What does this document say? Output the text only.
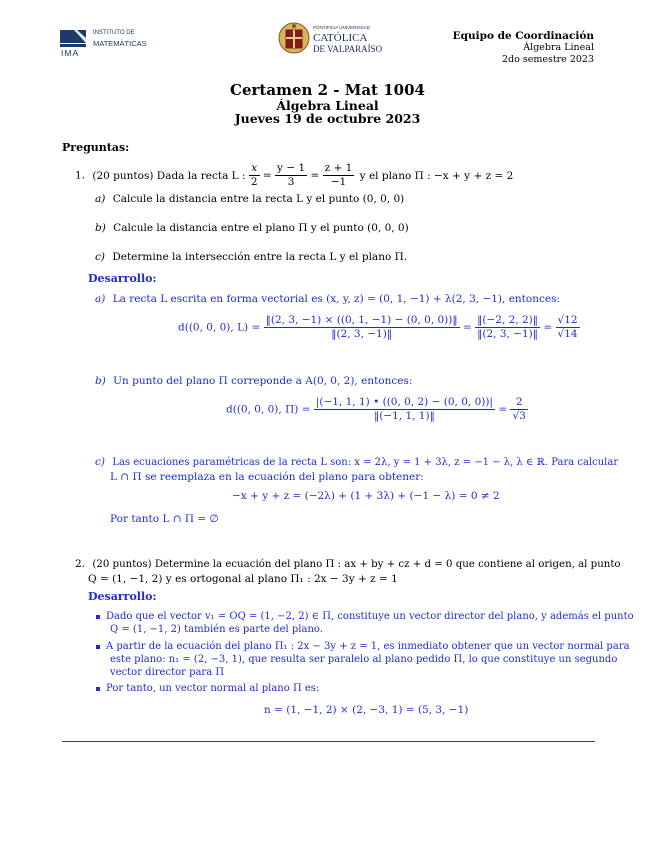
INSTITUTO DE
MATEMÁTICAS
IMA
PONTIFICIA UNIVERSIDAD
CATÓLICA
DE VALPARAÍSO
Equipo de Coordinación
Álgebra Lineal
2do semestre 2023
Certamen 2 - Mat 1004
Álgebra Lineal
Jueves 19 de octubre 2023
Preguntas:
1. (20 puntos) Dada la recta L : $\frac{x}{2} = \frac{y - 1}{3} = \frac{z + 1}{-1}$ y el plano Π : −x + y + z = 2
a) Calcule la distancia entre la recta L y el punto (0, 0, 0)
b) Calcule la distancia entre el plano Π y el punto (0, 0, 0)
c) Determine la intersección entre la recta L y el plano Π.
Desarrollo:
a) La recta L escrita en forma vectorial es (x, y, z) = (0, 1, −1) + λ(2, 3, −1), entonces:
d((0, 0, 0), $L) = \frac{‖(2, 3, -1) \times ((0, 1, -1) - (0, 0, 0))‖}{‖(2, 3, -1)‖} = \frac{‖(-2, 2, 2)‖}{‖(2, 3, -1)‖} = \frac{√12}{√14}$
b) Un punto del plano Π correponde a A(0, 0, 2), entonces:
d((0, 0, 0), $\Pi) = \frac{|(-1, 1, 1) • ((0, 0, 2) - (0, 0, 0))|}{‖(-1, 1, 1)‖} = \frac{2}{√3}$
c) Las ecuaciones paramétricas de la recta L son: x = 2λ, y = 1 + 3λ, z = −1 − λ, λ ∈ ℝ. Para calcular
L ∩ Π se reemplaza en la ecuación del plano para obtener:
−x + y + z = (−2λ) + (1 + 3λ) + (−1 − λ) = 0 ≠ 2
Por tanto L ∩ Π = ∅
2. (20 puntos) Determine la ecuación del plano Π : ax + by + cz + d = 0 que contiene al origen, al punto
Q = (1, −1, 2) y es ortogonal al plano Π₁ : 2x − 3y + z = 1
Desarrollo:
Dado que el vector v₁ = OQ = (1, −2, 2) ∈ Π, constituye un vector director del plano, y además el punto
Q = (1, −1, 2) también es parte del plano.
A partir de la ecuación del plano Π₁ : 2x − 3y + z = 1, es inmediato obtener que un vector normal para
este plano: n₁ = (2, −3, 1), que resulta ser paralelo al plano pedido Π, lo que constituye un segundo
vector director para Π
Por tanto, un vector normal al plano Π es:
n = (1, −1, 2) × (2, −3, 1) = (5, 3, −1)
